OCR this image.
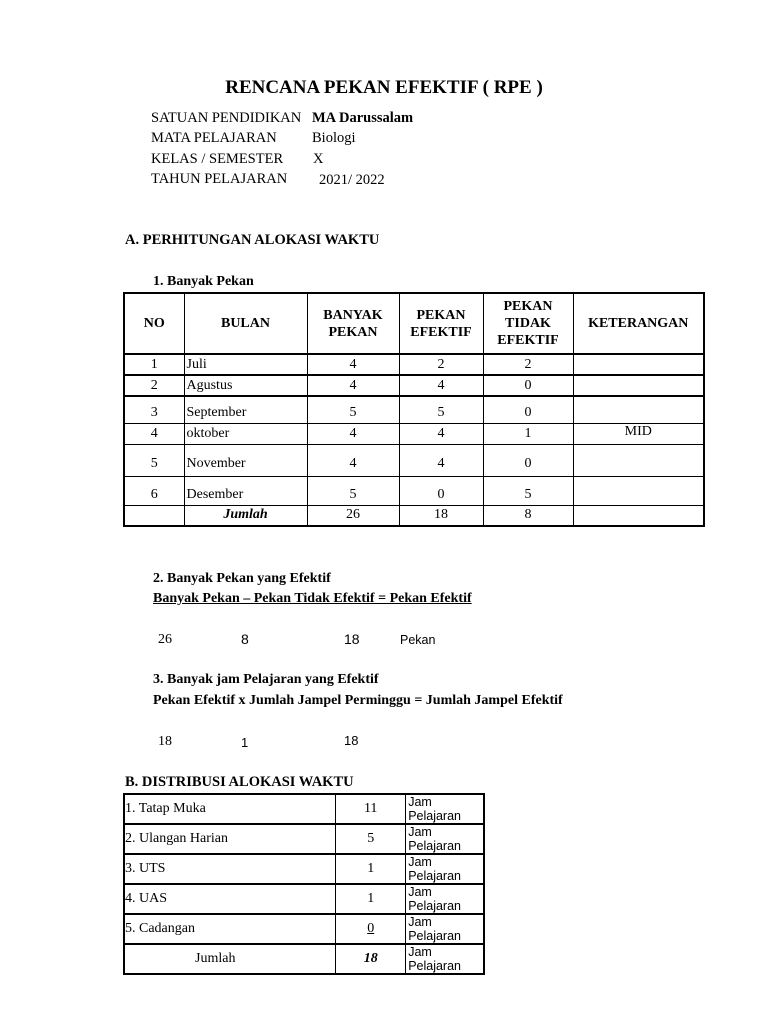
RENCANA PEKAN EFEKTIF ( RPE )
SATUAN PENDIDIKAN MA Darussalam
MATA PELAJARAN Biologi
KELAS / SEMESTER X
TAHUN PELAJARAN 2021/ 2022
A. PERHITUNGAN ALOKASI WAKTU
1. Banyak Pekan
NO	BULAN	BANYAK PEKAN	PEKAN EFEKTIF	PEKAN TIDAK EFEKTIF	KETERANGAN
1	Juli	4	2	2	
2	Agustus	4	4	0	
3	September	5	5	0	
4	oktober	4	4	1	MID
5	November	4	4	0	
6	Desember	5	0	5	
	Jumlah	26	18	8	
2. Banyak Pekan yang Efektif
Banyak Pekan – Pekan Tidak Efektif = Pekan Efektif
26	8	18	Pekan
3. Banyak jam Pelajaran yang Efektif
Pekan Efektif x Jumlah Jampel Perminggu = Jumlah Jampel Efektif
18	1	18
B. DISTRIBUSI ALOKASI WAKTU
1. Tatap Muka	11	Jam Pelajaran
2. Ulangan Harian	5	Jam Pelajaran
3. UTS	1	Jam Pelajaran
4. UAS	1	Jam Pelajaran
5. Cadangan	0	Jam Pelajaran
Jumlah	18	Jam Pelajaran
